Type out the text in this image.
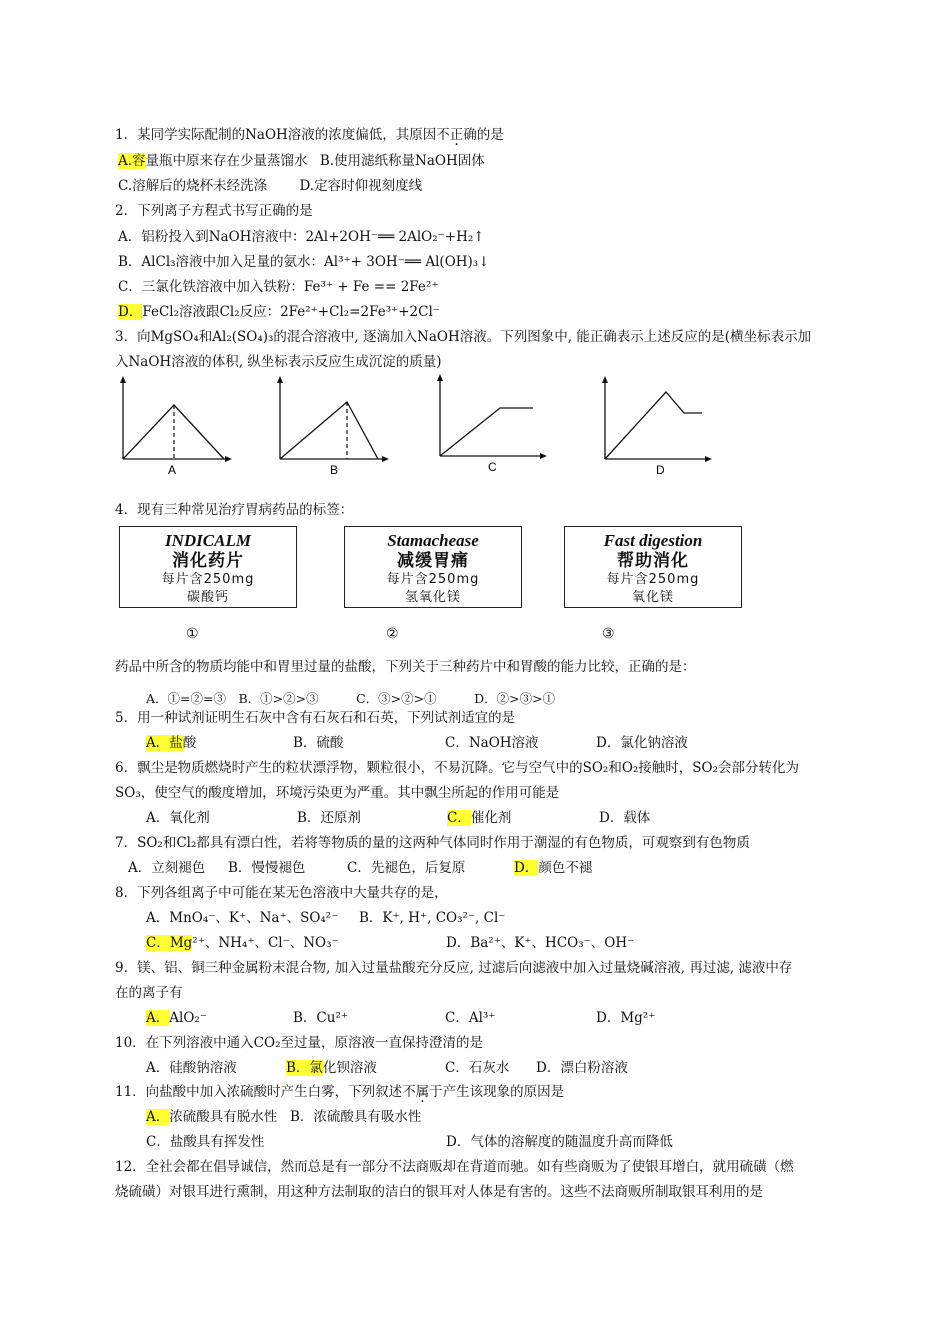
1．某同学实际配制的NaOH溶液的浓度偏低，其原因不正确的是
A.容量瓶中原来存在少量蒸馏水 B.使用滤纸称量NaOH固体
C.溶解后的烧杯未经洗涤 D.定容时仰视刻度线
2．下列离子方程式书写正确的是
A．铝粉投入到NaOH溶液中：2Al+2OH⁻══ 2AlO₂⁻+H₂↑
B．AlCl₃溶液中加入足量的氨水：Al³⁺+ 3OH⁻══ Al(OH)₃↓
C．三氯化铁溶液中加入铁粉：Fe³⁺ + Fe == 2Fe²⁺
D．FeCl₂溶液跟Cl₂反应：2Fe²⁺+Cl₂=2Fe³⁺+2Cl⁻
3．向MgSO₄和Al₂(SO₄)₃的混合溶液中, 逐滴加入NaOH溶液。下列图象中, 能正确表示上述反应的是(横坐标表示加
入NaOH溶液的体积, 纵坐标表示反应生成沉淀的质量)
A	B	C	D
4．现有三种常见治疗胃病药品的标签：
INDICALM
消化药片
每片含250mg
碳酸钙
Stamachease
减缓胃痛
每片含250mg
氢氧化镁
Fast digestion
帮助消化
每片含250mg
氧化镁
①	②	③
药品中所含的物质均能中和胃里过量的盐酸，下列关于三种药片中和胃酸的能力比较，正确的是：
A．①=②=③　B．①>②>③　　　C．③>②>①　　　D．②>③>①
5．用一种试剂证明生石灰中含有石灰石和石英，下列试剂适宜的是
A．盐酸	B．硫酸	C．NaOH溶液	D．氯化钠溶液
6．飘尘是物质燃烧时产生的粒状漂浮物，颗粒很小，不易沉降。它与空气中的SO₂和O₂接触时，SO₂会部分转化为
SO₃，使空气的酸度增加，环境污染更为严重。其中飘尘所起的作用可能是
A．氧化剂	B．还原剂	C．催化剂	D．载体
7．SO₂和Cl₂都具有漂白性，若将等物质的量的这两种气体同时作用于潮湿的有色物质，可观察到有色物质
A．立刻褪色 B．慢慢褪色	C．先褪色，后复原	D．颜色不褪
8．下列各组离子中可能在某无色溶液中大量共存的是，
A．MnO₄⁻、K⁺、Na⁺、SO₄²⁻ B．K⁺, H⁺, CO₃²⁻, Cl⁻
C．Mg²⁺、NH₄⁺、Cl⁻、NO₃⁻	D．Ba²⁺、K⁺、HCO₃⁻、OH⁻
9．镁、铝、铜三种金属粉末混合物, 加入过量盐酸充分反应, 过滤后向滤液中加入过量烧碱溶液, 再过滤, 滤液中存
在的离子有
A．AlO₂⁻	B．Cu²⁺	C．Al³⁺	D．Mg²⁺
10．在下列溶液中通入CO₂至过量，原溶液一直保持澄清的是
A．硅酸钠溶液	B．氯化钡溶液	C．石灰水 D．漂白粉溶液
11．向盐酸中加入浓硫酸时产生白雾，下列叙述不属于产生该现象的原因是
A．浓硫酸具有脱水性 B．浓硫酸具有吸水性
C．盐酸具有挥发性	D．气体的溶解度的随温度升高而降低
12．全社会都在倡导诚信，然而总是有一部分不法商贩却在背道而驰。如有些商贩为了使银耳增白，就用硫磺（燃
烧硫磺）对银耳进行熏制，用这种方法制取的洁白的银耳对人体是有害的。这些不法商贩所制取银耳利用的是
